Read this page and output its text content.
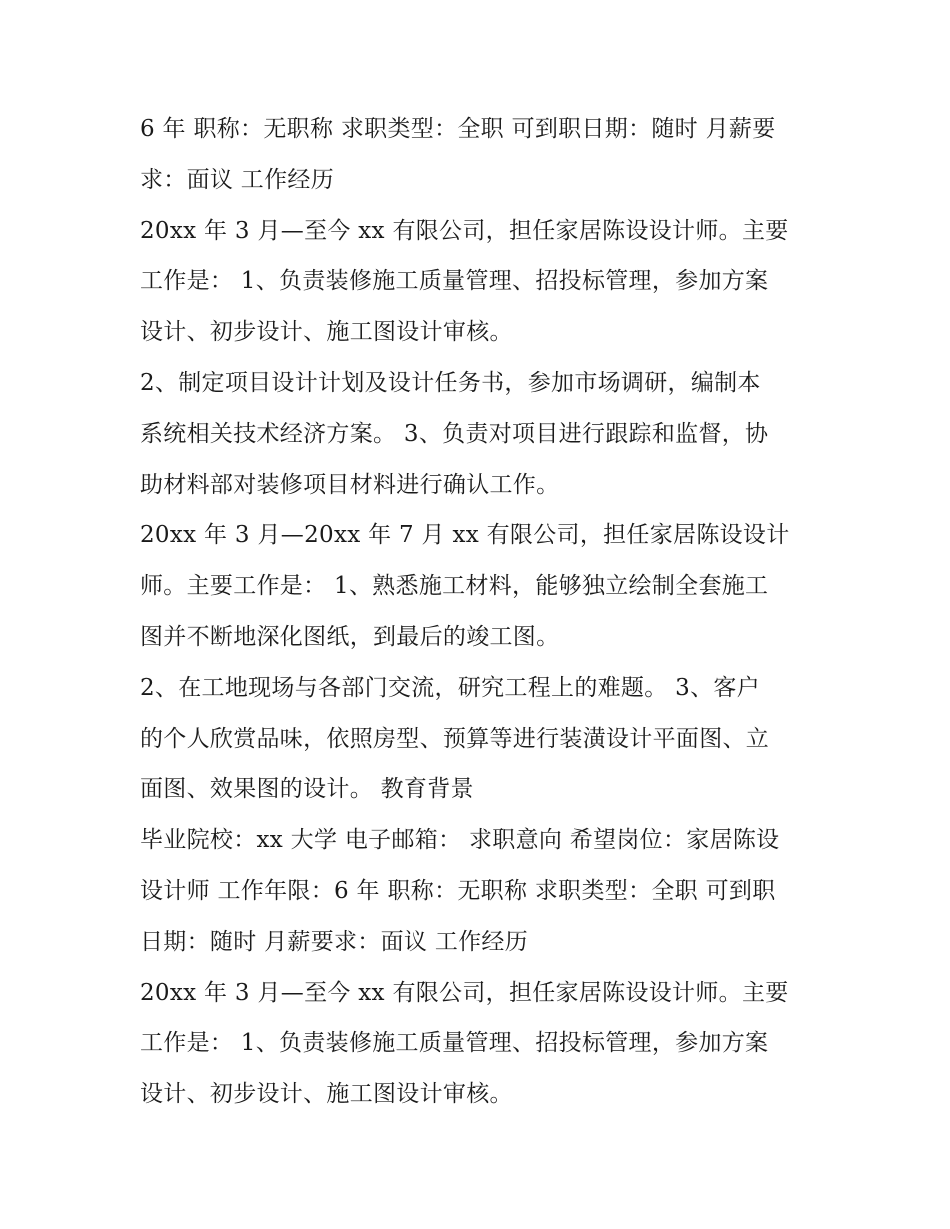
6 年 职称：无职称 求职类型：全职 可到职日期：随时 月薪要
求：面议 工作经历
20xx 年 3 月—至今 xx 有限公司，担任家居陈设设计师。主要
工作是： 1、负责装修施工质量管理、招投标管理，参加方案
设计、初步设计、施工图设计审核。
2、制定项目设计计划及设计任务书，参加市场调研，编制本
系统相关技术经济方案。 3、负责对项目进行跟踪和监督，协
助材料部对装修项目材料进行确认工作。
20xx 年 3 月—20xx 年 7 月 xx 有限公司，担任家居陈设设计
师。主要工作是： 1、熟悉施工材料，能够独立绘制全套施工
图并不断地深化图纸，到最后的竣工图。
2、在工地现场与各部门交流，研究工程上的难题。 3、客户
的个人欣赏品味，依照房型、预算等进行装潢设计平面图、立
面图、效果图的设计。 教育背景
毕业院校：xx 大学 电子邮箱： 求职意向 希望岗位：家居陈设
设计师 工作年限：6 年 职称：无职称 求职类型：全职 可到职
日期：随时 月薪要求：面议 工作经历
20xx 年 3 月—至今 xx 有限公司，担任家居陈设设计师。主要
工作是： 1、负责装修施工质量管理、招投标管理，参加方案
设计、初步设计、施工图设计审核。
